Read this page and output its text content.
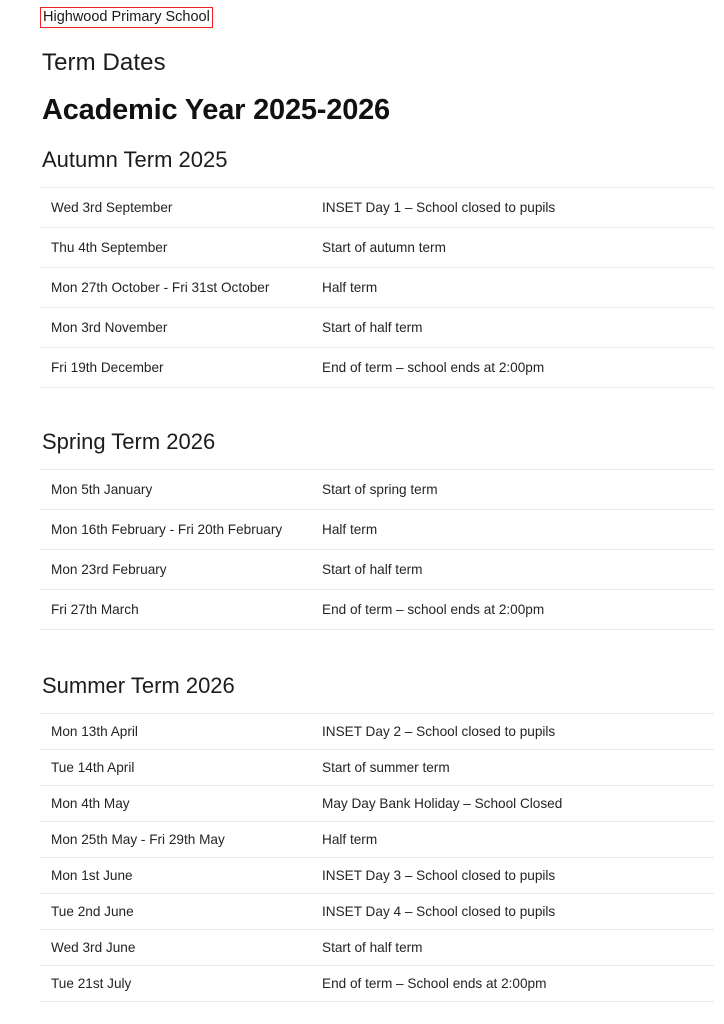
Highwood Primary School
Term Dates
Academic Year 2025-2026
Autumn Term 2025
Wed 3rd September	INSET Day 1 – School closed to pupils
Thu 4th September	Start of autumn term
Mon 27th October - Fri 31st October	Half term
Mon 3rd November	Start of half term
Fri 19th December	End of term – school ends at 2:00pm
Spring Term 2026
Mon 5th January	Start of spring term
Mon 16th February - Fri 20th February	Half term
Mon 23rd February	Start of half term
Fri 27th March	End of term – school ends at 2:00pm
Summer Term 2026
Mon 13th April	INSET Day 2 – School closed to pupils
Tue 14th April	Start of summer term
Mon 4th May	May Day Bank Holiday – School Closed
Mon 25th May - Fri 29th May	Half term
Mon 1st June	INSET Day 3 – School closed to pupils
Tue 2nd June	INSET Day 4 – School closed to pupils
Wed 3rd June	Start of half term
Tue 21st July	End of term – School ends at 2:00pm
